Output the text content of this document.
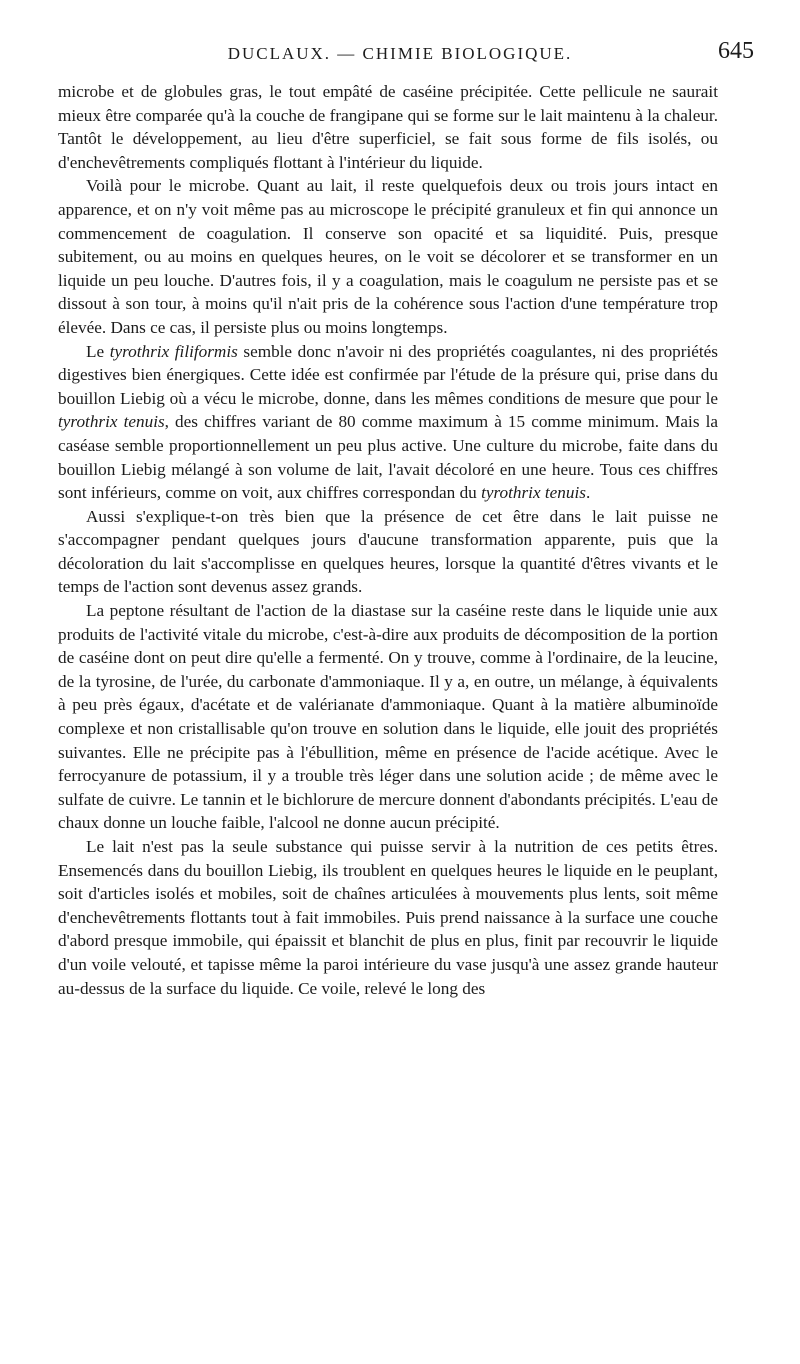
DUCLAUX. — CHIMIE BIOLOGIQUE.	645

microbe et de globules gras, le tout empâté de caséine précipitée. Cette pellicule ne saurait mieux être comparée qu'à la couche de frangipane qui se forme sur le lait maintenu à la chaleur. Tantôt le développement, au lieu d'être superficiel, se fait sous forme de fils isolés, ou d'enchevêtrements compliqués flottant à l'intérieur du liquide.

Voilà pour le microbe. Quant au lait, il reste quelquefois deux ou trois jours intact en apparence, et on n'y voit même pas au microscope le précipité granuleux et fin qui annonce un commencement de coagulation. Il conserve son opacité et sa liquidité. Puis, presque subitement, ou au moins en quelques heures, on le voit se décolorer et se transformer en un liquide un peu louche. D'autres fois, il y a coagulation, mais le coagulum ne persiste pas et se dissout à son tour, à moins qu'il n'ait pris de la cohérence sous l'action d'une température trop élevée. Dans ce cas, il persiste plus ou moins longtemps.

Le tyrothrix filiformis semble donc n'avoir ni des propriétés coagulantes, ni des propriétés digestives bien énergiques. Cette idée est confirmée par l'étude de la présure qui, prise dans du bouillon Liebig où a vécu le microbe, donne, dans les mêmes conditions de mesure que pour le tyrothrix tenuis, des chiffres variant de 80 comme maximum à 15 comme minimum. Mais la caséase semble proportionnellement un peu plus active. Une culture du microbe, faite dans du bouillon Liebig mélangé à son volume de lait, l'avait décoloré en une heure. Tous ces chiffres sont inférieurs, comme on voit, aux chiffres correspondan du tyrothrix tenuis.

Aussi s'explique-t-on très bien que la présence de cet être dans le lait puisse ne s'accompagner pendant quelques jours d'aucune transformation apparente, puis que la décoloration du lait s'accomplisse en quelques heures, lorsque la quantité d'êtres vivants et le temps de l'action sont devenus assez grands.

La peptone résultant de l'action de la diastase sur la caséine reste dans le liquide unie aux produits de l'activité vitale du microbe, c'est-à-dire aux produits de décomposition de la portion de caséine dont on peut dire qu'elle a fermenté. On y trouve, comme à l'ordinaire, de la leucine, de la tyrosine, de l'urée, du carbonate d'ammoniaque. Il y a, en outre, un mélange, à équivalents à peu près égaux, d'acétate et de valérianate d'ammoniaque. Quant à la matière albuminoïde complexe et non cristallisable qu'on trouve en solution dans le liquide, elle jouit des propriétés suivantes. Elle ne précipite pas à l'ébullition, même en présence de l'acide acétique. Avec le ferrocyanure de potassium, il y a trouble très léger dans une solution acide ; de même avec le sulfate de cuivre. Le tannin et le bichlorure de mercure donnent d'abondants précipités. L'eau de chaux donne un louche faible, l'alcool ne donne aucun précipité.

Le lait n'est pas la seule substance qui puisse servir à la nutrition de ces petits êtres. Ensemencés dans du bouillon Liebig, ils troublent en quelques heures le liquide en le peuplant, soit d'articles isolés et mobiles, soit de chaînes articulées à mouvements plus lents, soit même d'enchevêtrements flottants tout à fait immobiles. Puis prend naissance à la surface une couche d'abord presque immobile, qui épaissit et blanchit de plus en plus, finit par recouvrir le liquide d'un voile velouté, et tapisse même la paroi intérieure du vase jusqu'à une assez grande hauteur au-dessus de la surface du liquide. Ce voile, relevé le long des
